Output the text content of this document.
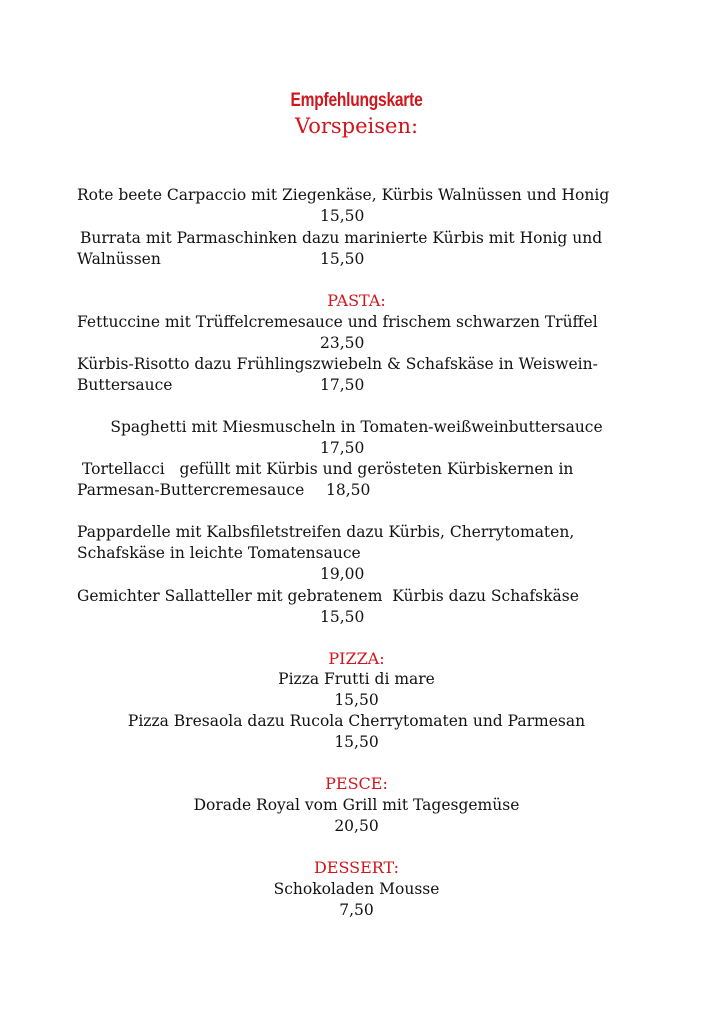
Empfehlungskarte
Vorspeisen:
Rote beete Carpaccio mit Ziegenkäse, Kürbis Walnüssen und Honig
15,50
Burrata mit Parmaschinken dazu marinierte Kürbis mit Honig und
Walnüssen	15,50
PASTA:
Fettuccine mit Trüffelcremesauce und frischem schwarzen Trüffel
23,50
Kürbis-Risotto dazu Frühlingszwiebeln & Schafskäse in Weiswein-
Buttersauce	17,50
Spaghetti mit Miesmuscheln in Tomaten-weißweinbuttersauce
17,50
Tortellacci   gefüllt mit Kürbis und gerösteten Kürbiskernen in
Parmesan-Buttercremesauce 18,50
Pappardelle mit Kalbsfiletstreifen dazu Kürbis, Cherrytomaten,
Schafskäse in leichte Tomatensauce
19,00
Gemichter Sallatteller mit gebratenem  Kürbis dazu Schafskäse
15,50
PIZZA:
Pizza Frutti di mare
15,50
Pizza Bresaola dazu Rucola Cherrytomaten und Parmesan
15,50
PESCE:
Dorade Royal vom Grill mit Tagesgemüse
20,50
DESSERT:
Schokoladen Mousse
7,50
